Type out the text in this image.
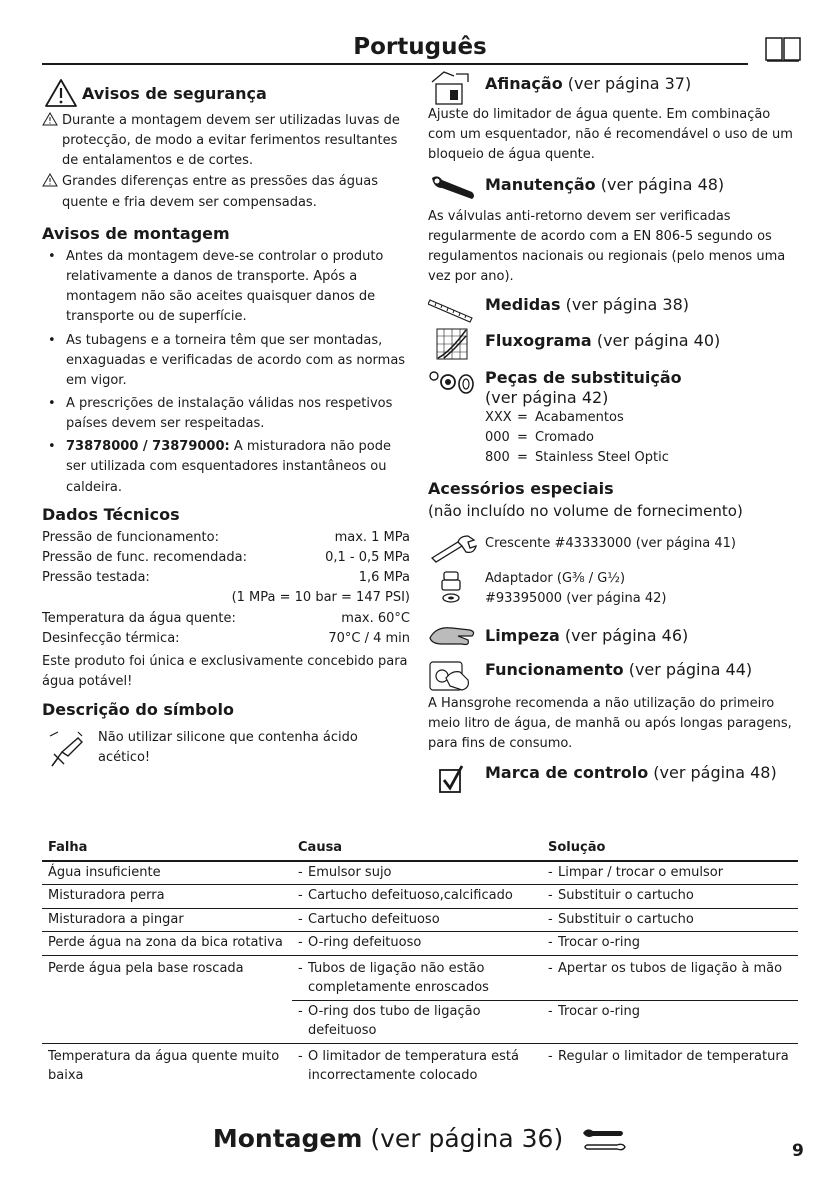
Português
Avisos de segurança
Durante a montagem devem ser utilizadas luvas de protecção, de modo a evitar ferimentos resultantes de entalamentos e de cortes.
Grandes diferenças entre as pressões das águas quente e fria devem ser compensadas.
Avisos de montagem
• Antes da montagem deve-se controlar o produto relativamente a danos de transporte. Após a montagem não são aceites quaisquer danos de transporte ou de superfície.
• As tubagens e a torneira têm que ser montadas, enxaguadas e verificadas de acordo com as normas em vigor.
• A prescrições de instalação válidas nos respetivos países devem ser respeitadas.
• 73878000 / 73879000: A misturadora não pode ser utilizada com esquentadores instantâneos ou caldeira.
Dados Técnicos
Pressão de funcionamento:	max. 1 MPa
Pressão de func. recomendada:	0,1 - 0,5 MPa
Pressão testada:	1,6 MPa
(1 MPa = 10 bar = 147 PSI)
Temperatura da água quente:	max. 60°C
Desinfecção térmica:	70°C / 4 min
Este produto foi única e exclusivamente concebido para água potável!
Descrição do símbolo
Não utilizar silicone que contenha ácido acético!
Afinação (ver página 37)
Ajuste do limitador de água quente. Em combinação com um esquentador, não é recomendável o uso de um bloqueio de água quente.
Manutenção (ver página 48)
As válvulas anti-retorno devem ser verificadas regularmente de acordo com a EN 806-5 segundo os regulamentos nacionais ou regionais (pelo menos uma vez por ano).
Medidas (ver página 38)
Fluxograma (ver página 40)
Peças de substituição
(ver página 42)
XXX = Acabamentos
000 = Cromado
800 = Stainless Steel Optic
Acessórios especiais
(não incluído no volume de fornecimento)
Crescente #43333000 (ver página 41)
Adaptador (G⅜ / G½)
#93395000 (ver página 42)
Limpeza (ver página 46)
Funcionamento (ver página 44)
A Hansgrohe recomenda a não utilização do primeiro meio litro de água, de manhã ou após longas paragens, para fins de consumo.
Marca de controlo (ver página 48)
Falha	Causa	Solução
Água insuficiente	- Emulsor sujo	- Limpar / trocar o emulsor

Misturadora perra	- Cartucho defeituoso,calcificado	- Substituir o cartucho

Misturadora a pingar	- Cartucho defeituoso	- Substituir o cartucho

Perde água na zona da bica rotativa	- O-ring defeituoso	- Trocar o-ring

Perde água pela base roscada	- Tubos de ligação não estão completamente enroscados	- Apertar os tubos de ligação à mão

	- O-ring dos tubo de ligação defeituoso	- Trocar o-ring

Temperatura da água quente muito baixa	- O limitador de temperatura está incorrectamente colocado	- Regular o limitador de temperatura
Montagem (ver página 36)	9
